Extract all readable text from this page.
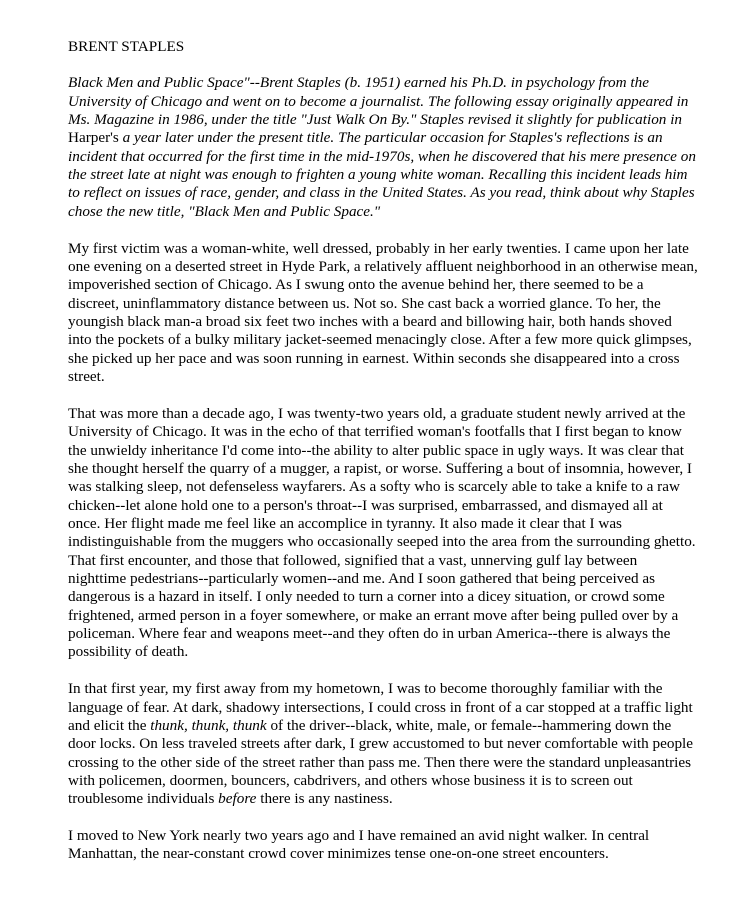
BRENT STAPLES

Black Men and Public Space"--Brent Staples (b. 1951) earned his Ph.D. in psychology from the University of Chicago and went on to become a journalist. The following essay originally appeared in Ms. Magazine in 1986, under the title "Just Walk On By." Staples revised it slightly for publication in Harper's a year later under the present title. The particular occasion for Staples's reflections is an incident that occurred for the first time in the mid-1970s, when he discovered that his mere presence on the street late at night was enough to frighten a young white woman. Recalling this incident leads him to reflect on issues of race, gender, and class in the United States. As you read, think about why Staples chose the new title, "Black Men and Public Space."

My first victim was a woman-white, well dressed, probably in her early twenties. I came upon her late one evening on a deserted street in Hyde Park, a relatively affluent neighborhood in an otherwise mean, impoverished section of Chicago. As I swung onto the avenue behind her, there seemed to be a discreet, uninflammatory distance between us. Not so. She cast back a worried glance. To her, the youngish black man-a broad six feet two inches with a beard and billowing hair, both hands shoved into the pockets of a bulky military jacket-seemed menacingly close. After a few more quick glimpses, she picked up her pace and was soon running in earnest. Within seconds she disappeared into a cross street.

That was more than a decade ago, I was twenty-two years old, a graduate student newly arrived at the University of Chicago. It was in the echo of that terrified woman's footfalls that I first began to know the unwieldy inheritance I'd come into--the ability to alter public space in ugly ways. It was clear that she thought herself the quarry of a mugger, a rapist, or worse. Suffering a bout of insomnia, however, I was stalking sleep, not defenseless wayfarers. As a softy who is scarcely able to take a knife to a raw chicken--let alone hold one to a person's throat--I was surprised, embarrassed, and dismayed all at once. Her flight made me feel like an accomplice in tyranny. It also made it clear that I was indistinguishable from the muggers who occasionally seeped into the area from the surrounding ghetto. That first encounter, and those that followed, signified that a vast, unnerving gulf lay between nighttime pedestrians--particularly women--and me. And I soon gathered that being perceived as dangerous is a hazard in itself. I only needed to turn a corner into a dicey situation, or crowd some frightened, armed person in a foyer somewhere, or make an errant move after being pulled over by a policeman. Where fear and weapons meet--and they often do in urban America--there is always the possibility of death.

In that first year, my first away from my hometown, I was to become thoroughly familiar with the language of fear. At dark, shadowy intersections, I could cross in front of a car stopped at a traffic light and elicit the thunk, thunk, thunk of the driver--black, white, male, or female--hammering down the door locks. On less traveled streets after dark, I grew accustomed to but never comfortable with people crossing to the other side of the street rather than pass me. Then there were the standard unpleasantries with policemen, doormen, bouncers, cabdrivers, and others whose business it is to screen out troublesome individuals before there is any nastiness.

I moved to New York nearly two years ago and I have remained an avid night walker. In central Manhattan, the near-constant crowd cover minimizes tense one-on-one street encounters.
